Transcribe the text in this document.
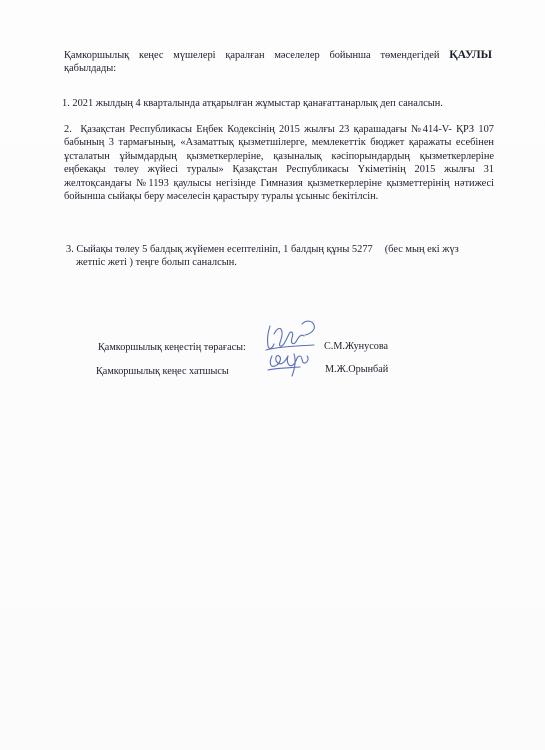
Қамкоршылық кеңес мүшелері қаралған мәселелер бойынша төмендегідей ҚАУЛЫ қабылдады:
1. 2021 жылдың 4 кварталында атқарылған жұмыстар қанағаттанарлық деп саналсын.
2. Қазақстан Республикасы Еңбек Кодексінің 2015 жылғы 23 қарашадағы №414-V- ҚРЗ 107 бабының 3 тармағының, «Азаматтық қызметшілерге, мемлекеттік бюджет қаражаты есебінен ұсталатын ұйымдардың қызметкерлеріне, қазыналық кәсіпорындардың қызметкерлеріне еңбекақы төлеу жүйесі туралы» Қазақстан Республикасы Үкіметінің 2015 жылғы 31 желтоқсандағы №1193 қаулысы негізінде Гимназия қызметкерлеріне қызметтерінің нәтижесі бойынша сыйақы беру мәселесін қарастыру туралы ұсыныс бекітілсін.
3. Сыйақы төлеу 5 балдық жүйемен есептелініп, 1 балдың құны 5277 (бес мың екі жүз
жетпіс жеті ) теңге болып саналсын.
Қамкоршылық кеңестің төрағасы:	С.М.Жунусова
Қамкоршылық кеңес хатшысы	М.Ж.Орынбай
